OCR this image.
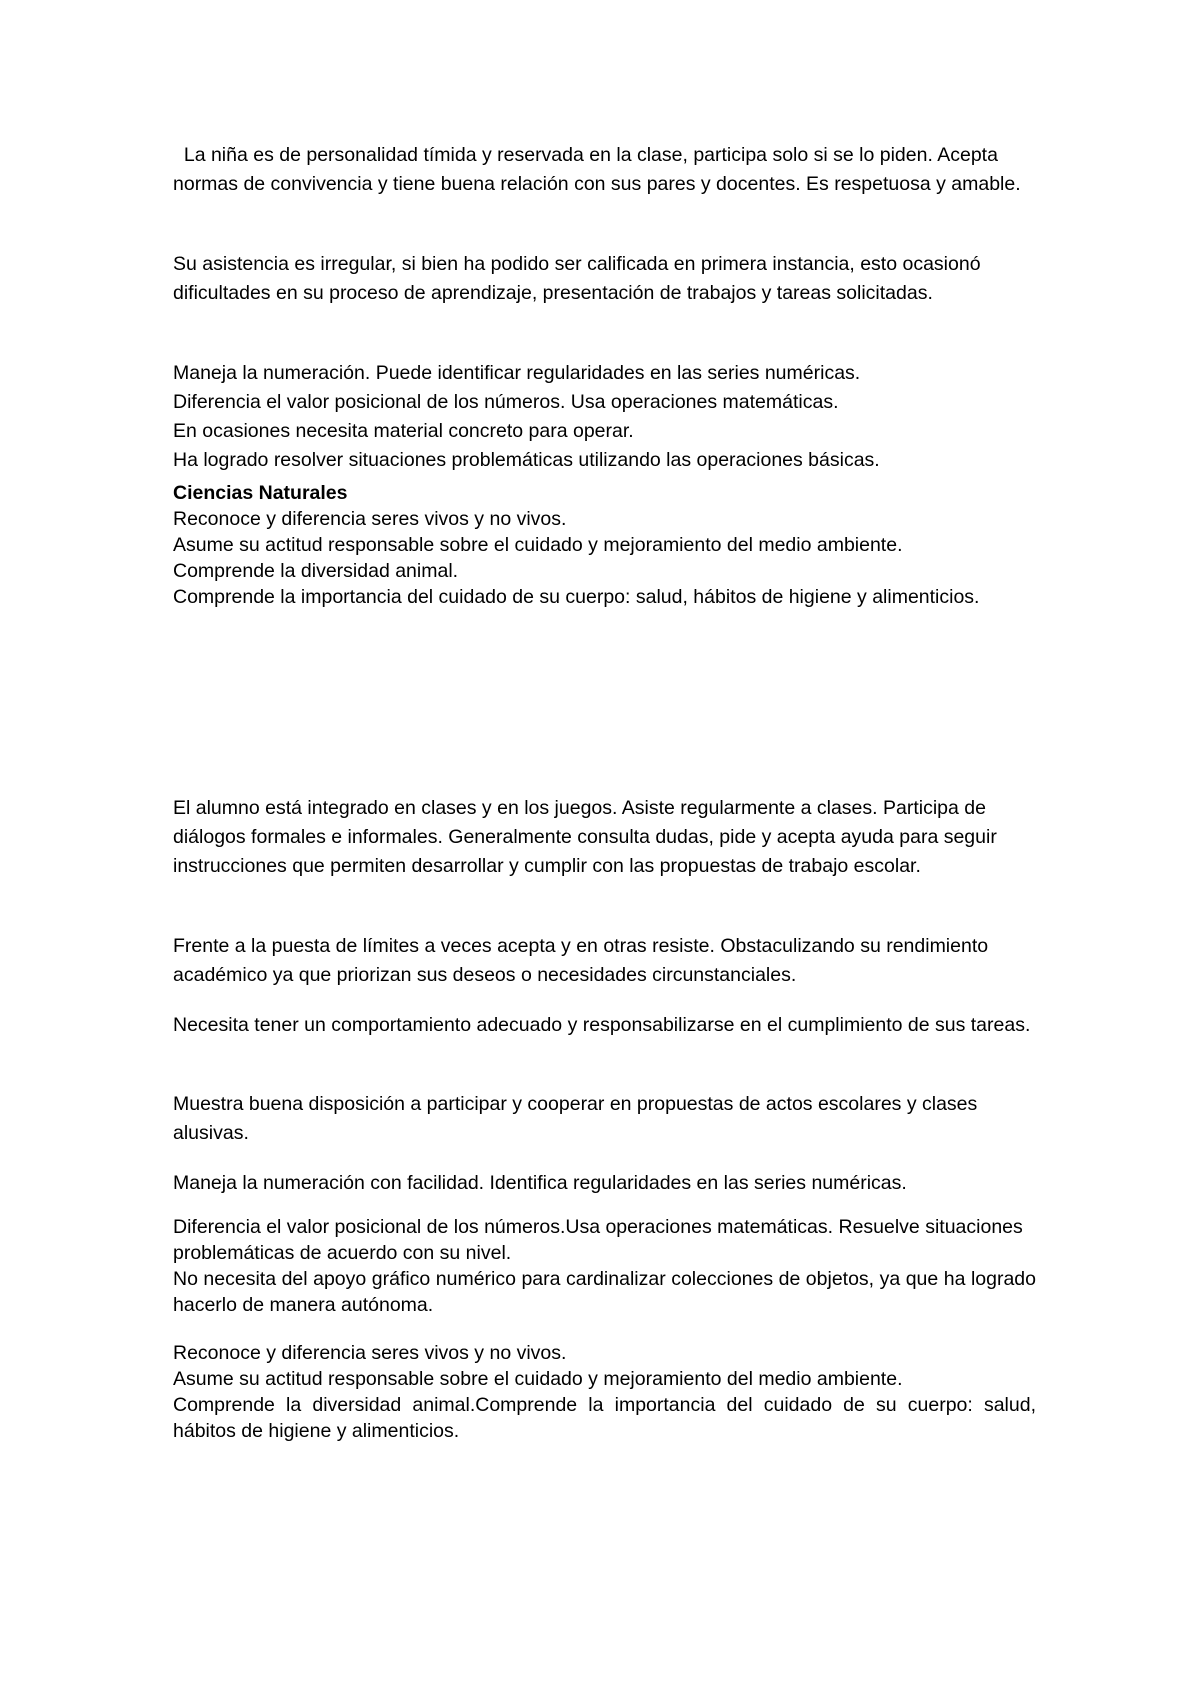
La niña es de personalidad tímida y reservada en la clase, participa solo si se lo piden. Acepta normas de convivencia y tiene buena relación con sus pares y docentes. Es respetuosa y amable.

Su asistencia es irregular, si bien ha podido ser calificada en primera instancia, esto ocasionó dificultades en su proceso de aprendizaje, presentación de trabajos y tareas solicitadas.

Maneja la numeración. Puede identificar regularidades en las series numéricas.
Diferencia el valor posicional de los números. Usa operaciones matemáticas.
En ocasiones necesita material concreto para operar.
Ha logrado resolver situaciones problemáticas utilizando las operaciones básicas.
Ciencias Naturales
Reconoce y diferencia seres vivos y no vivos.
Asume su actitud responsable sobre el cuidado y mejoramiento del medio ambiente.
Comprende la diversidad animal.

Comprende la importancia del cuidado de su cuerpo: salud, hábitos de higiene y alimenticios.

El alumno está integrado en clases y en los juegos. Asiste regularmente a clases. Participa de diálogos formales e informales. Generalmente consulta dudas, pide y acepta ayuda para seguir instrucciones que permiten desarrollar y cumplir con las propuestas de trabajo escolar.

Frente a la puesta de límites a veces acepta y en otras resiste. Obstaculizando su rendimiento académico ya que priorizan sus deseos o necesidades circunstanciales.

Necesita tener un comportamiento adecuado y responsabilizarse en el cumplimiento de sus tareas.

Muestra buena disposición a participar y cooperar en propuestas de actos escolares y clases alusivas.

Maneja la numeración con facilidad. Identifica regularidades en las series numéricas.

Diferencia el valor posicional de los números.Usa operaciones matemáticas. Resuelve situaciones problemáticas de acuerdo con su nivel.

No necesita del apoyo gráfico numérico para cardinalizar colecciones de objetos, ya que ha logrado hacerlo de manera autónoma.

Reconoce y diferencia seres vivos y no vivos.
Asume su actitud responsable sobre el cuidado y mejoramiento del medio ambiente.

Comprende la diversidad animal.Comprende la importancia del cuidado de su cuerpo: salud, hábitos de higiene y alimenticios.
